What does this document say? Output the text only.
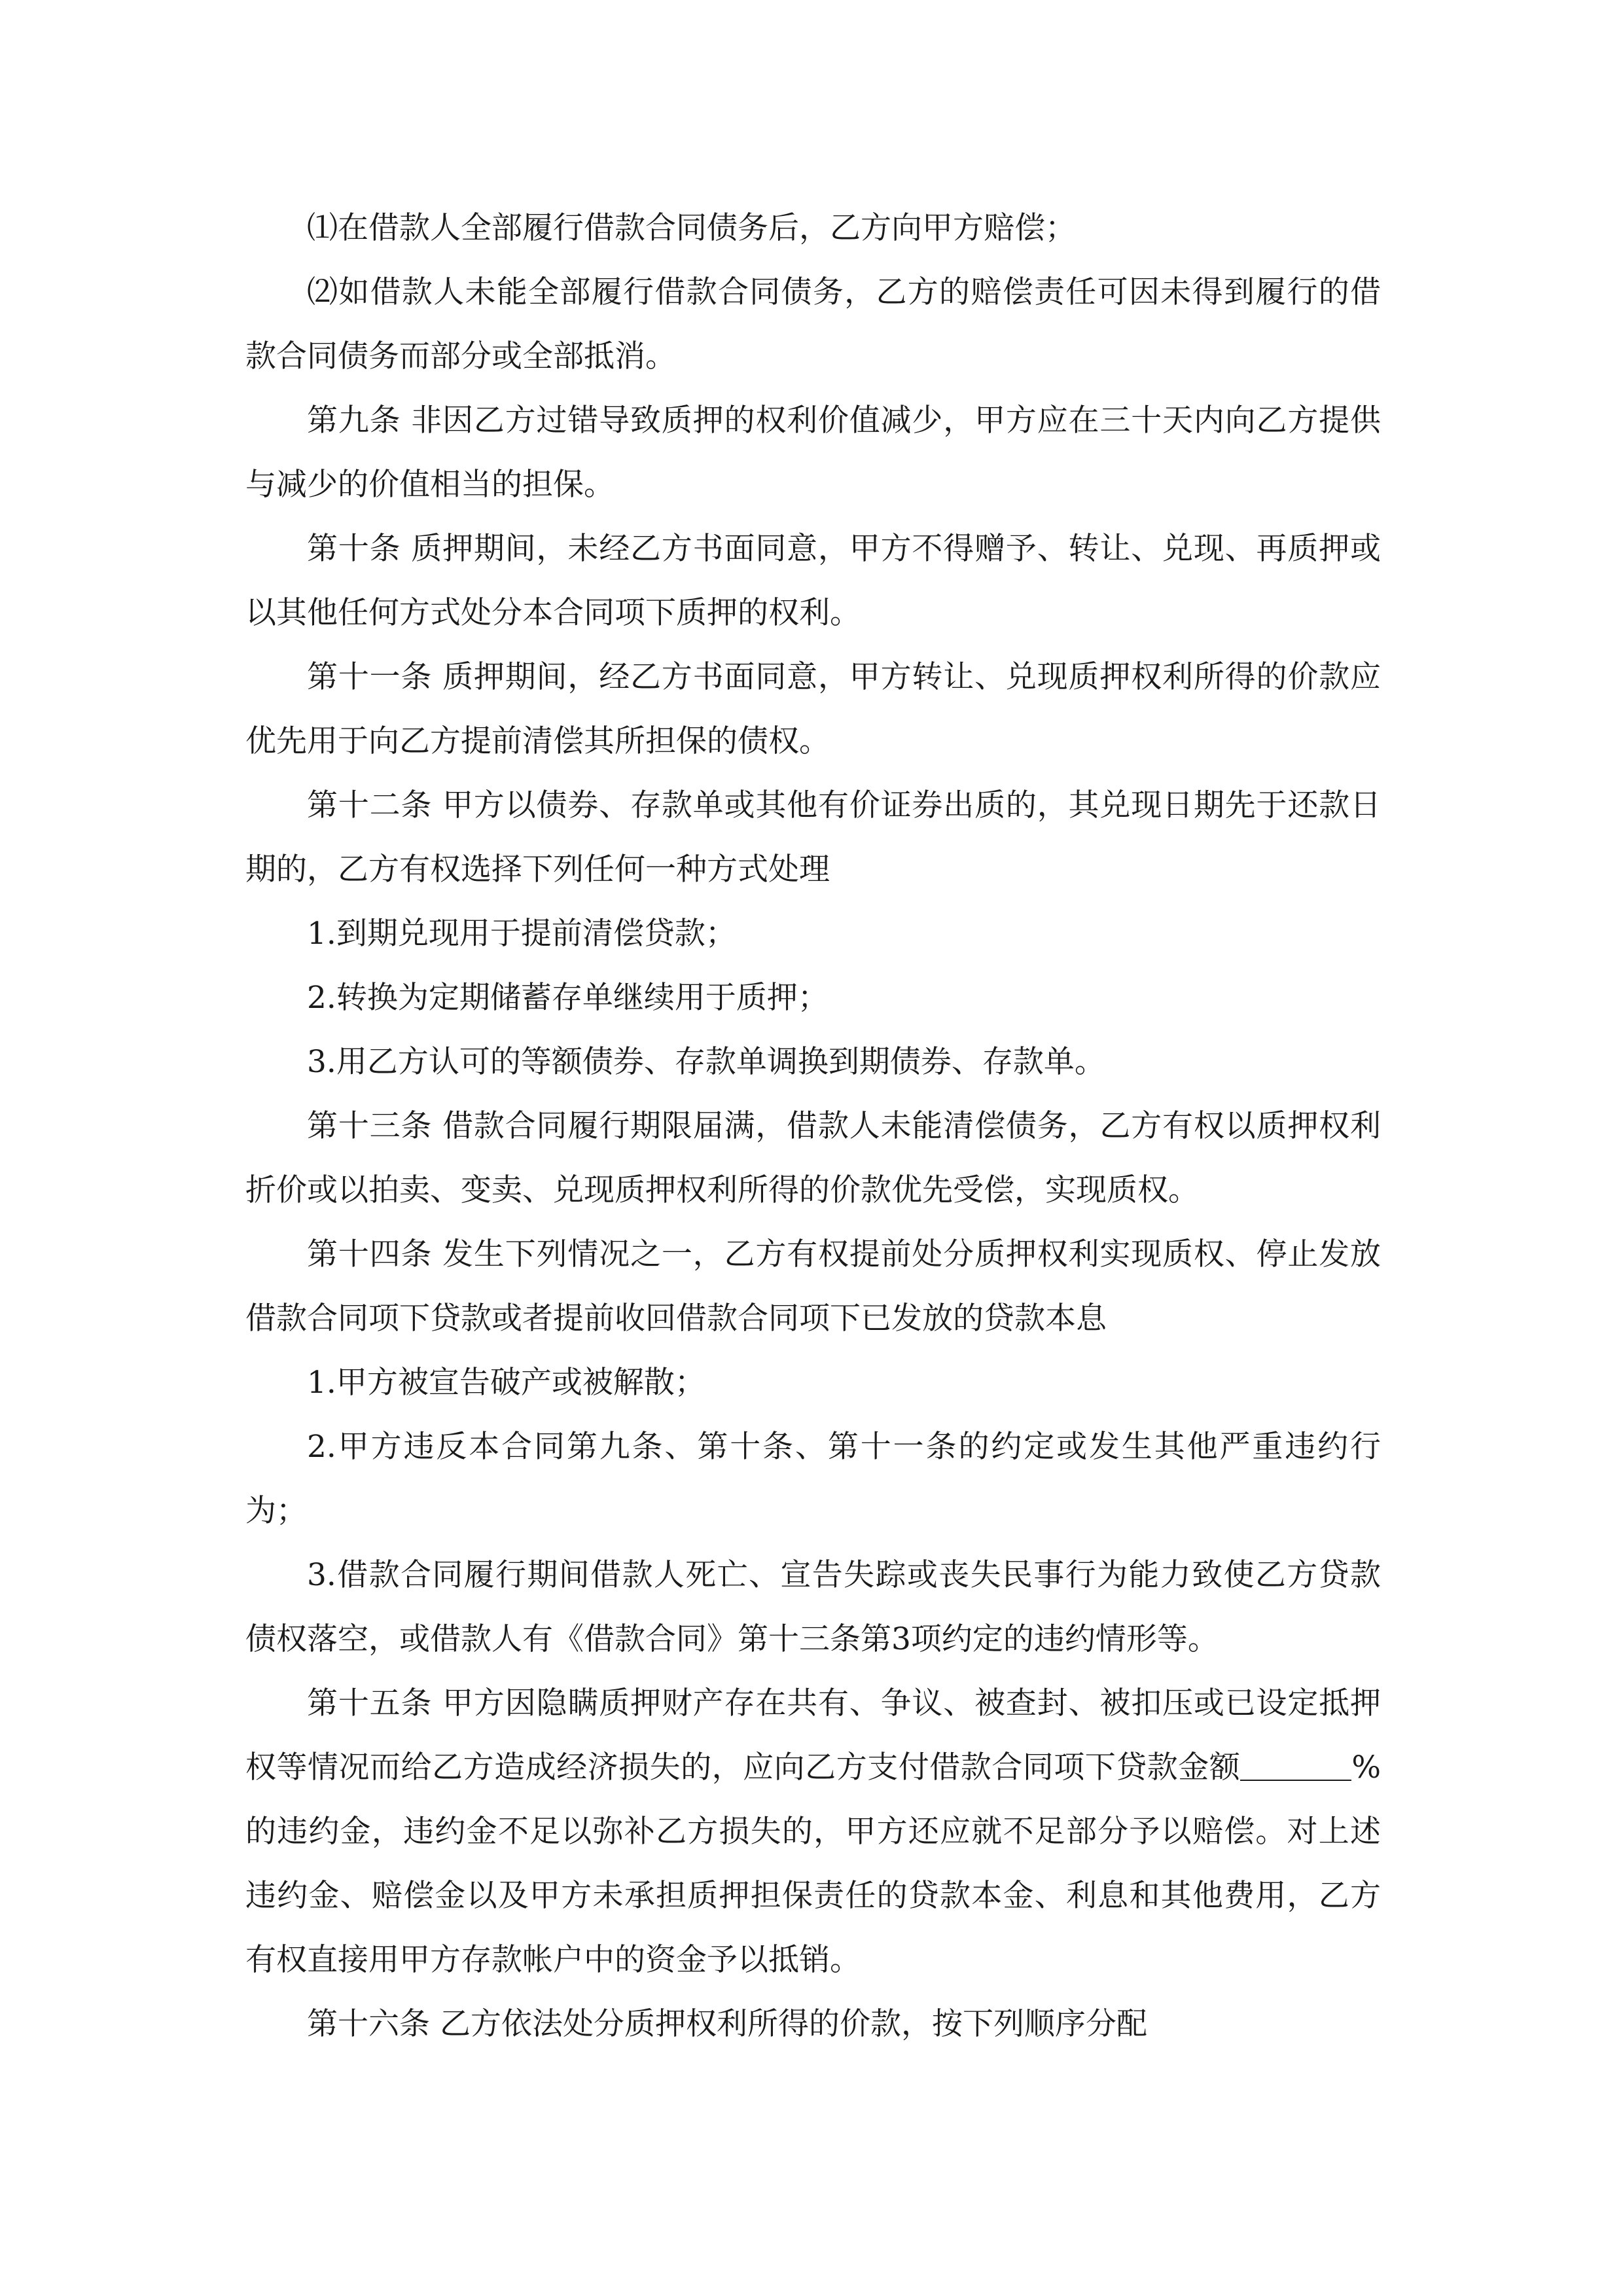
⑴在借款人全部履行借款合同债务后，乙方向甲方赔偿；

⑵如借款人未能全部履行借款合同债务，乙方的赔偿责任可因未得到履行的借款合同债务而部分或全部抵消。

第九条 非因乙方过错导致质押的权利价值减少，甲方应在三十天内向乙方提供与减少的价值相当的担保。

第十条 质押期间，未经乙方书面同意，甲方不得赠予、转让、兑现、再质押或以其他任何方式处分本合同项下质押的权利。

第十一条 质押期间，经乙方书面同意，甲方转让、兑现质押权利所得的价款应优先用于向乙方提前清偿其所担保的债权。

第十二条 甲方以债券、存款单或其他有价证券出质的，其兑现日期先于还款日期的，乙方有权选择下列任何一种方式处理

1.到期兑现用于提前清偿贷款；

2.转换为定期储蓄存单继续用于质押；

3.用乙方认可的等额债券、存款单调换到期债券、存款单。

第十三条 借款合同履行期限届满，借款人未能清偿债务，乙方有权以质押权利折价或以拍卖、变卖、兑现质押权利所得的价款优先受偿，实现质权。

第十四条 发生下列情况之一，乙方有权提前处分质押权利实现质权、停止发放借款合同项下贷款或者提前收回借款合同项下已发放的贷款本息

1.甲方被宣告破产或被解散；

2.甲方违反本合同第九条、第十条、第十一条的约定或发生其他严重违约行为；

3.借款合同履行期间借款人死亡、宣告失踪或丧失民事行为能力致使乙方贷款债权落空，或借款人有《借款合同》第十三条第3项约定的违约情形等。

第十五条 甲方因隐瞒质押财产存在共有、争议、被查封、被扣压或已设定抵押权等情况而给乙方造成经济损失的，应向乙方支付借款合同项下贷款金额	%的违约金，违约金不足以弥补乙方损失的，甲方还应就不足部分予以赔偿。对上述违约金、赔偿金以及甲方未承担质押担保责任的贷款本金、利息和其他费用，乙方有权直接用甲方存款帐户中的资金予以抵销。

第十六条 乙方依法处分质押权利所得的价款，按下列顺序分配
